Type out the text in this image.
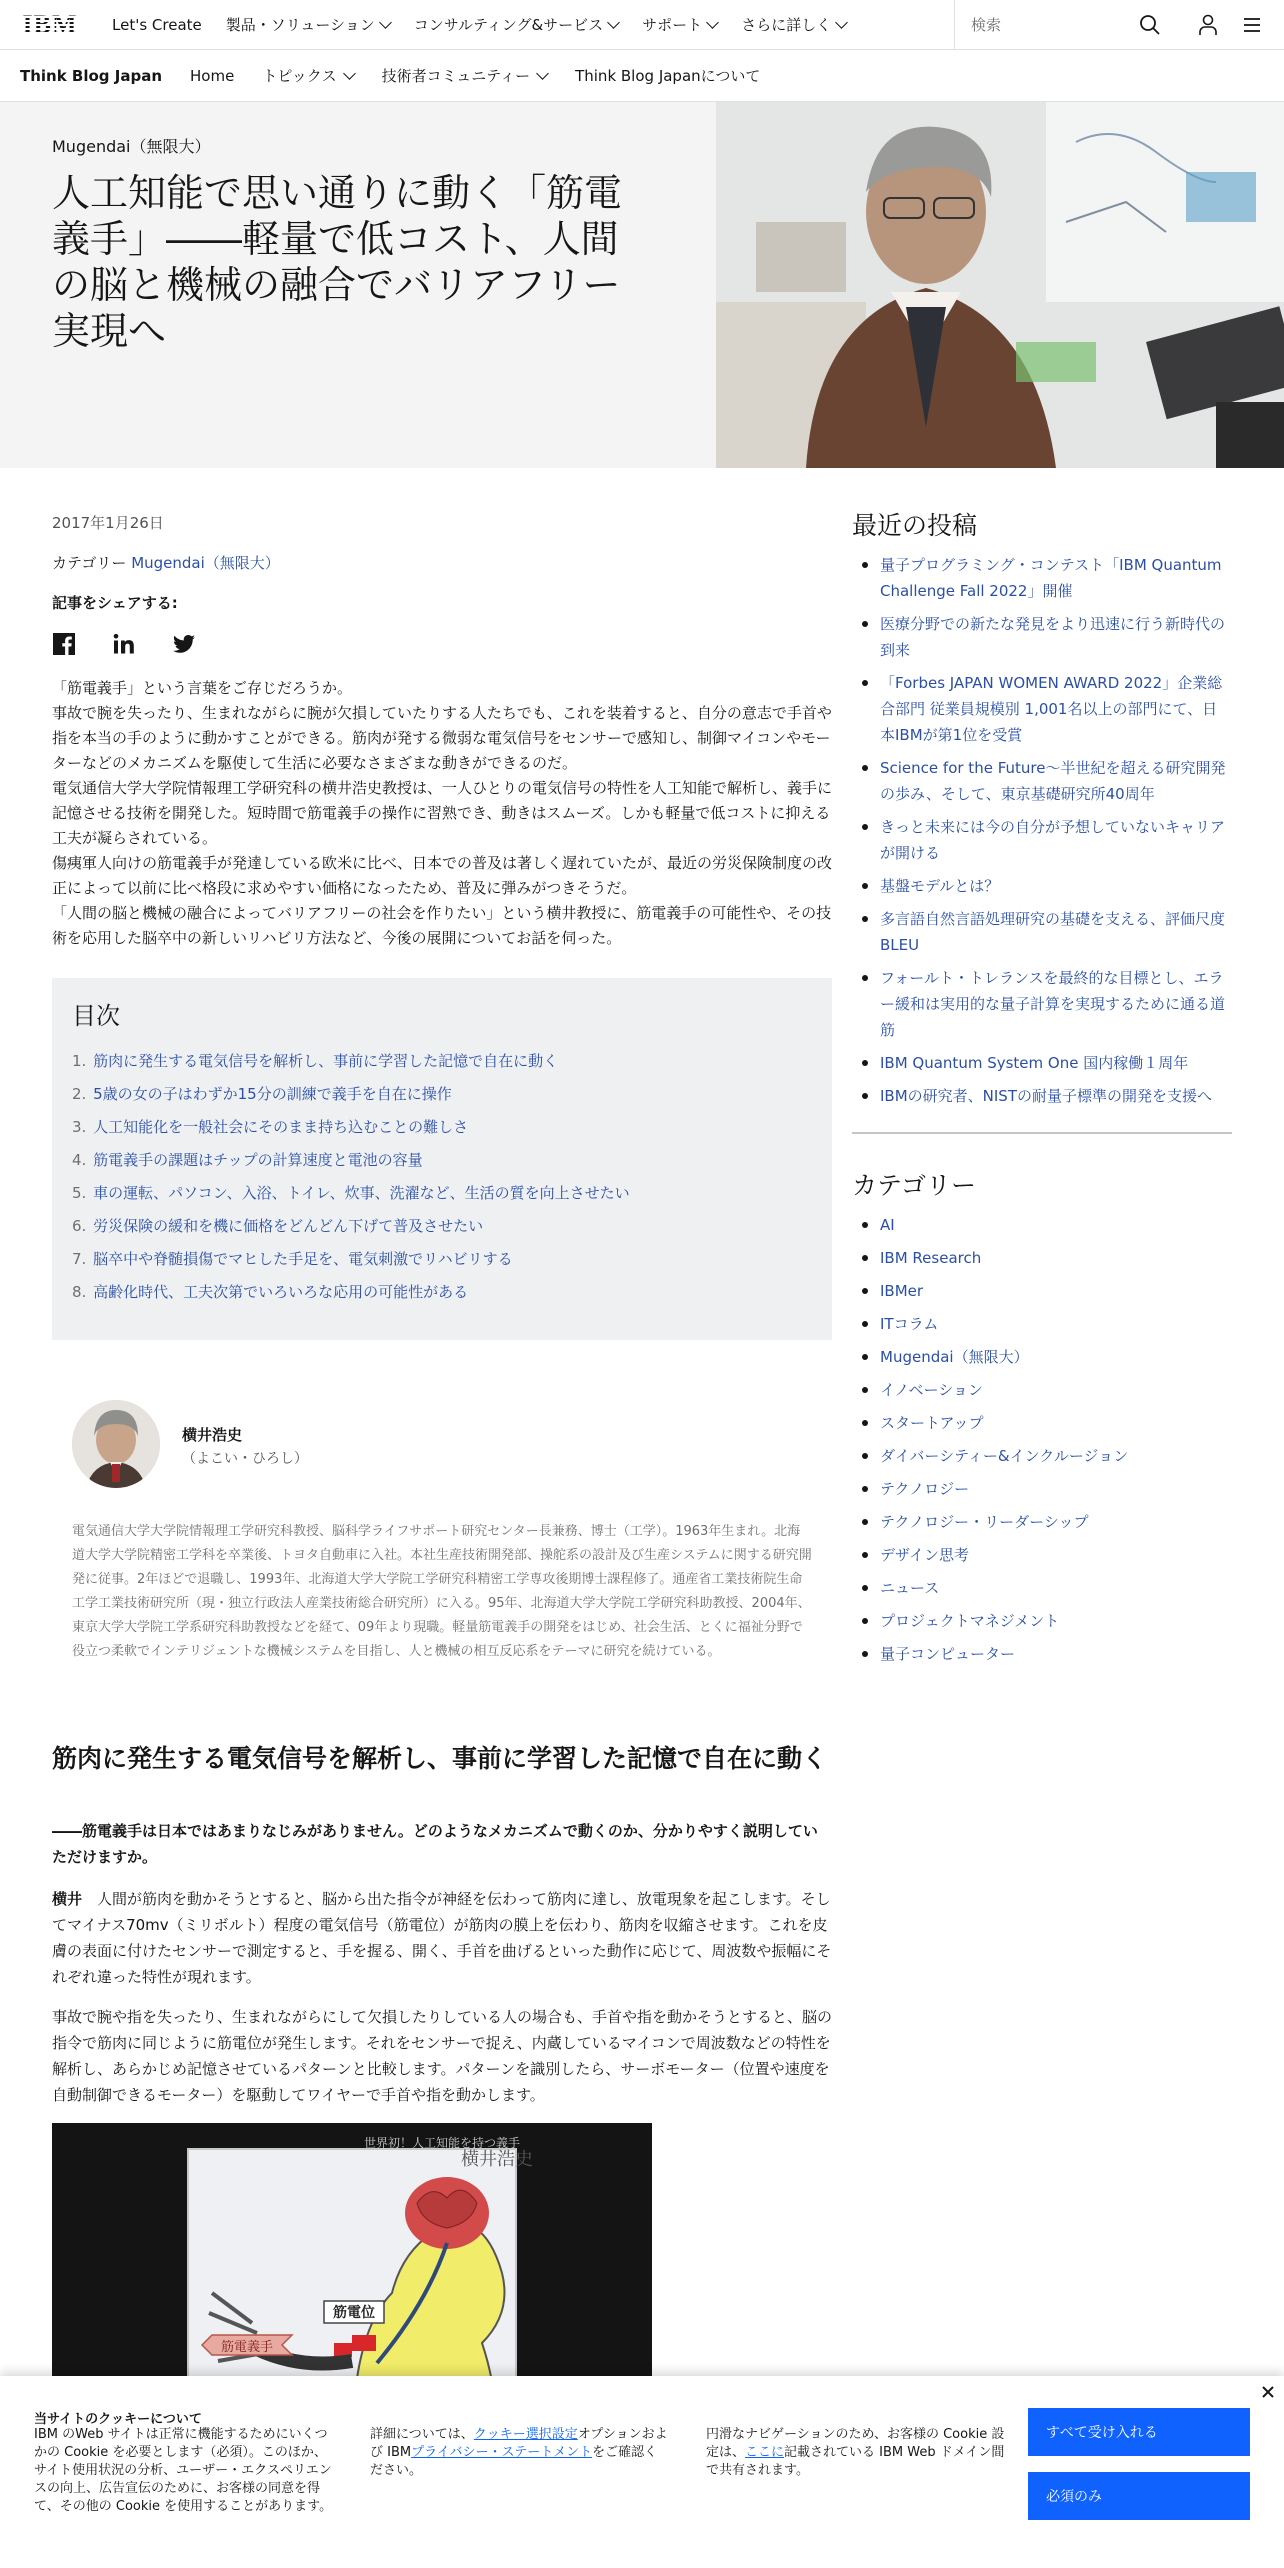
IBM Let's Create 製品・ソリューション	コンサルティング&サービス	サポート	さらに詳しく
検索
Think Blog Japan Home トピックス	技術者コミュニティー	Think Blog Japanについて
Mugendai（無限大）
人工知能で思い通りに動く「筋電義手」――軽量で低コスト、人間の脳と機械の融合でバリアフリー実現へ
2017年1月26日
カテゴリー Mugendai（無限大）
記事をシェアする:

「筋電義手」という言葉をご存じだろうか。

事故で腕を失ったり、生まれながらに腕が欠損していたりする人たちでも、これを装着すると、自分の意志で手首や指を本当の手のように動かすことができる。筋肉が発する微弱な電気信号をセンサーで感知し、制御マイコンやモーターなどのメカニズムを駆使して生活に必要なさまざまな動きができるのだ。

電気通信大学大学院情報理工学研究科の横井浩史教授は、一人ひとりの電気信号の特性を人工知能で解析し、義手に記憶させる技術を開発した。短時間で筋電義手の操作に習熟でき、動きはスムーズ。しかも軽量で低コストに抑える工夫が凝らされている。

傷痍軍人向けの筋電義手が発達している欧米に比べ、日本での普及は著しく遅れていたが、最近の労災保険制度の改正によって以前に比べ格段に求めやすい価格になったため、普及に弾みがつきそうだ。

「人間の脳と機械の融合によってバリアフリーの社会を作りたい」という横井教授に、筋電義手の可能性や、その技術を応用した脳卒中の新しいリハビリ方法など、今後の展開についてお話を伺った。

目次
1. 筋肉に発生する電気信号を解析し、事前に学習した記憶で自在に動く
2. 5歳の女の子はわずか15分の訓練で義手を自在に操作
3. 人工知能化を一般社会にそのまま持ち込むことの難しさ
4. 筋電義手の課題はチップの計算速度と電池の容量
5. 車の運転、パソコン、入浴、トイレ、炊事、洗濯など、生活の質を向上させたい
6. 労災保険の緩和を機に価格をどんどん下げて普及させたい
7. 脳卒中や脊髄損傷でマヒした手足を、電気刺激でリハビリする
8. 高齢化時代、工夫次第でいろいろな応用の可能性がある
横井浩史
（よこい・ひろし）
電気通信大学大学院情報理工学研究科教授、脳科学ライフサポート研究センター長兼務、博士（工学）。1963年生まれ。北海道大学大学院精密工学科を卒業後、トヨタ自動車に入社。本社生産技術開発部、操舵系の設計及び生産システムに関する研究開発に従事。2年ほどで退職し、1993年、北海道大学大学院工学研究科精密工学専攻後期博士課程修了。通産省工業技術院生命工学工業技術研究所（現・独立行政法人産業技術総合研究所）に入る。95年、北海道大学大学院工学研究科助教授、2004年、東京大学大学院工学系研究科助教授などを経て、09年より現職。軽量筋電義手の開発をはじめ、社会生活、とくに福祉分野で役立つ柔軟でインテリジェントな機械システムを目指し、人と機械の相互反応系をテーマに研究を続けている。
筋肉に発生する電気信号を解析し、事前に学習した記憶で自在に動く
――筋電義手は日本ではあまりなじみがありません。どのようなメカニズムで動くのか、分かりやすく説明していただけますか。
横井　 人間が筋肉を動かそうとすると、脳から出た指令が神経を伝わって筋肉に達し、放電現象を起こします。そしてマイナス70mv（ミリボルト）程度の電気信号（筋電位）が筋肉の膜上を伝わり、筋肉を収縮させます。これを皮膚の表面に付けたセンサーで測定すると、手を握る、開く、手首を曲げるといった動作に応じて、周波数や振幅にそれぞれ違った特性が現れます。
事故で腕や指を失ったり、生まれながらにして欠損したりしている人の場合も、手首や指を動かそうとすると、脳の指令で筋肉に同じように筋電位が発生します。それをセンサーで捉え、内蔵しているマイコンで周波数などの特性を解析し、あらかじめ記憶させているパターンと比較します。パターンを識別したら、サーボモーター（位置や速度を自動制御できるモーター）を駆動してワイヤーで手首や指を動かします。
世界初！人工知能を持つ義手
横井浩史
筋電位
筋電義手
最近の投稿
量子プログラミング・コンテスト「IBM Quantum Challenge Fall 2022」開催
医療分野での新たな発見をより迅速に行う新時代の到来
「Forbes JAPAN WOMEN AWARD 2022」企業総合部門 従業員規模別 1,001名以上の部門にて、日本IBMが第1位を受賞
Science for the Future〜半世紀を超える研究開発の歩み、そして、東京基礎研究所40周年
きっと未来には今の自分が予想していないキャリアが開ける
基盤モデルとは？
多言語自然言語処理研究の基礎を支える、評価尺度BLEU
フォールト・トレランスを最終的な目標とし、エラー緩和は実用的な量子計算を実現するために通る道筋
IBM Quantum System One 国内稼働１周年
IBMの研究者、NISTの耐量子標準の開発を支援へ
カテゴリー
AI
IBM Research
IBMer
ITコラム
Mugendai（無限大）
イノベーション
スタートアップ
ダイバーシティー&インクルージョン
テクノロジー
テクノロジー・リーダーシップ
デザイン思考
ニュース
プロジェクトマネジメント
量子コンピューター
当サイトのクッキーについて
IBM のWeb サイトは正常に機能するためにいくつかの Cookie を必要とします（必須）。このほか、サイト使用状況の分析、ユーザー・エクスペリエンスの向上、広告宣伝のために、お客様の同意を得て、その他の Cookie を使用することがあります。
詳細については、クッキー選択設定オプションおよび IBMプライバシー・ステートメントをご確認ください。
円滑なナビゲーションのため、お客様の Cookie 設定は、ここに記載されている IBM Web ドメイン間で共有されます。
すべて受け入れる
必須のみ
